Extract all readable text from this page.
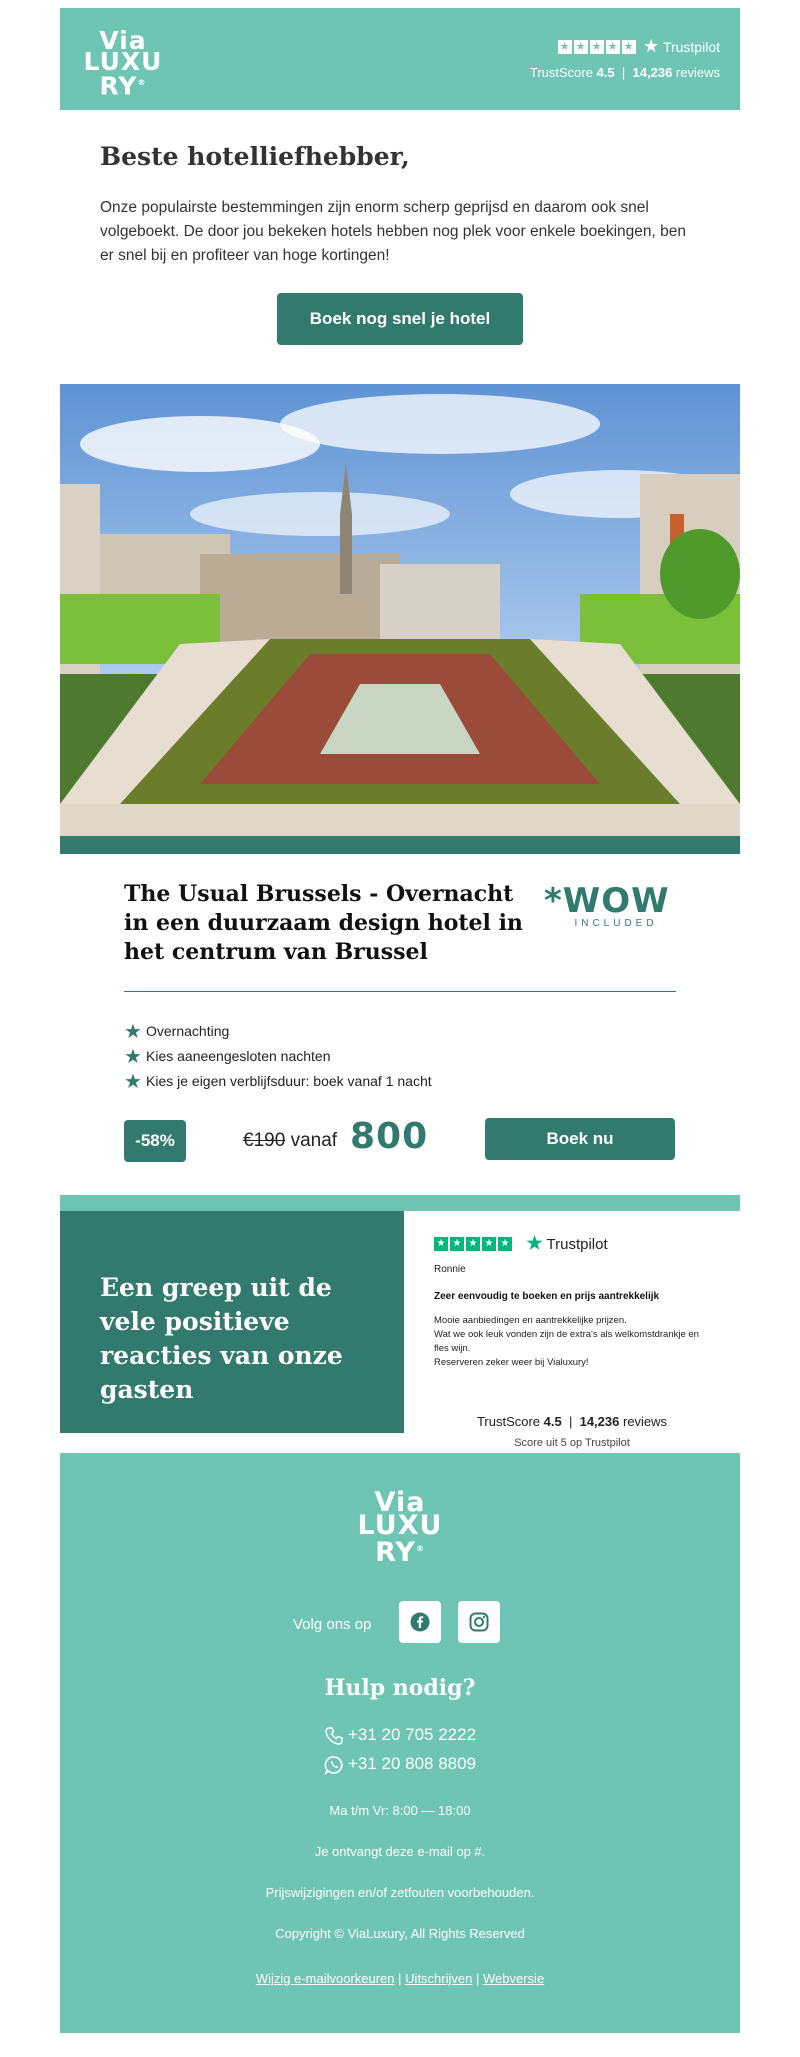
Via
LUXU
RY®
★ ★ ★ ★ ★ ★ Trustpilot
TrustScore 4.5 | 14,236 reviews
Beste hotelliefhebber,
Onze populairste bestemmingen zijn enorm scherp geprijsd en daarom ook snel volgeboekt. De door jou bekeken hotels hebben nog plek voor enkele boekingen, ben er snel bij en profiteer van hoge kortingen!
Boek nog snel je hotel
The Usual Brussels - Overnacht in een duurzaam design hotel in het centrum van Brussel
*WOW
INCLUDED
★ Overnachting
★ Kies aaneengesloten nachten
★ Kies je eigen verblijfsduur: boek vanaf 1 nacht
-58%	€190 vanaf 800	Boek nu
Een greep uit de vele positieve reacties van onze gasten
★ ★ ★ ★ ★ ★ Trustpilot
Ronnie
Zeer eenvoudig te boeken en prijs aantrekkelijk
Mooie aanbiedingen en aantrekkelijke prijzen.
Wat we ook leuk vonden zijn de extra's als welkomstdrankje en fles wijn.
Reserveren zeker weer bij Vialuxury!
TrustScore 4.5 | 14,236 reviews
Score uit 5 op Trustpilot
Via
LUXU
RY®
Volg ons op
Hulp nodig?
+31 20 705 2222
+31 20 808 8809
Ma t/m Vr: 8:00 — 18:00
Je ontvangt deze e-mail op #.
Prijswijzigingen en/of zetfouten voorbehouden.
Copyright © ViaLuxury, All Rights Reserved
Wijzig e-mailvoorkeuren | Uitschrijven | Webversie
